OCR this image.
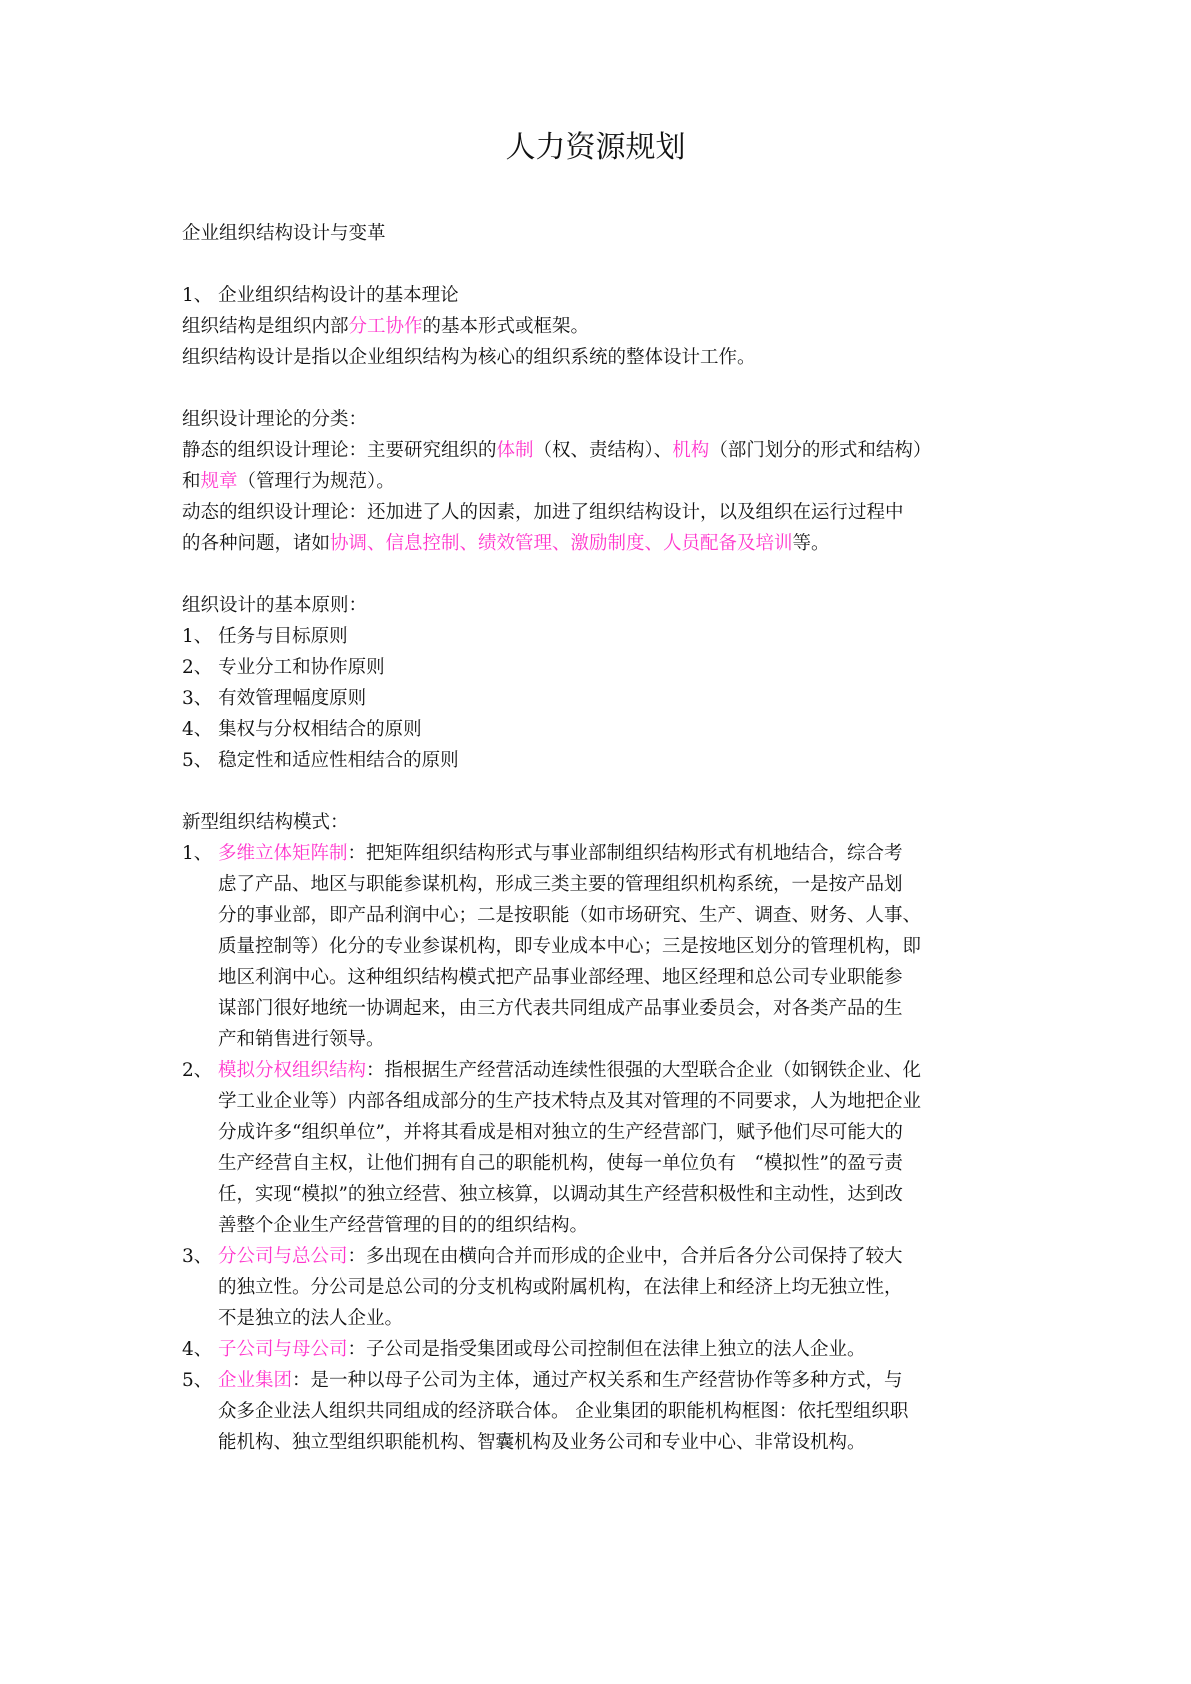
人力资源规划

企业组织结构设计与变革

1、 企业组织结构设计的基本理论

组织结构是组织内部分工协作的基本形式或框架。

组织结构设计是指以企业组织结构为核心的组织系统的整体设计工作。

组织设计理论的分类：

静态的组织设计理论：主要研究组织的体制（权、责结构）、机构（部门划分的形式和结构）

和规章（管理行为规范）。

动态的组织设计理论：还加进了人的因素，加进了组织结构设计，以及组织在运行过程中

的各种问题，诸如协调、信息控制、绩效管理、激励制度、人员配备及培训等。

组织设计的基本原则：

1、 任务与目标原则

2、 专业分工和协作原则

3、 有效管理幅度原则

4、 集权与分权相结合的原则

5、 稳定性和适应性相结合的原则

新型组织结构模式：

1、 多维立体矩阵制：把矩阵组织结构形式与事业部制组织结构形式有机地结合，综合考
虑了产品、地区与职能参谋机构，形成三类主要的管理组织机构系统，一是按产品划
分的事业部，即产品利润中心；二是按职能（如市场研究、生产、调查、财务、人事、
质量控制等）化分的专业参谋机构，即专业成本中心；三是按地区划分的管理机构，即
地区利润中心。这种组织结构模式把产品事业部经理、地区经理和总公司专业职能参
谋部门很好地统一协调起来，由三方代表共同组成产品事业委员会，对各类产品的生
产和销售进行领导。
2、 模拟分权组织结构：指根据生产经营活动连续性很强的大型联合企业（如钢铁企业、化
学工业企业等）内部各组成部分的生产技术特点及其对管理的不同要求，人为地把企业
分成许多“组织单位”，并将其看成是相对独立的生产经营部门，赋予他们尽可能大的
生产经营自主权，让他们拥有自己的职能机构，使每一单位负有　“模拟性”的盈亏责
任，实现“模拟”的独立经营、独立核算，以调动其生产经营积极性和主动性，达到改
善整个企业生产经营管理的目的的组织结构。
3、 分公司与总公司：多出现在由横向合并而形成的企业中，合并后各分公司保持了较大
的独立性。分公司是总公司的分支机构或附属机构，在法律上和经济上均无独立性，
不是独立的法人企业。
4、 子公司与母公司：子公司是指受集团或母公司控制但在法律上独立的法人企业。
5、 企业集团：是一种以母子公司为主体，通过产权关系和生产经营协作等多种方式，与
众多企业法人组织共同组成的经济联合体。 企业集团的职能机构框图：依托型组织职
能机构、独立型组织职能机构、智囊机构及业务公司和专业中心、非常设机构。
